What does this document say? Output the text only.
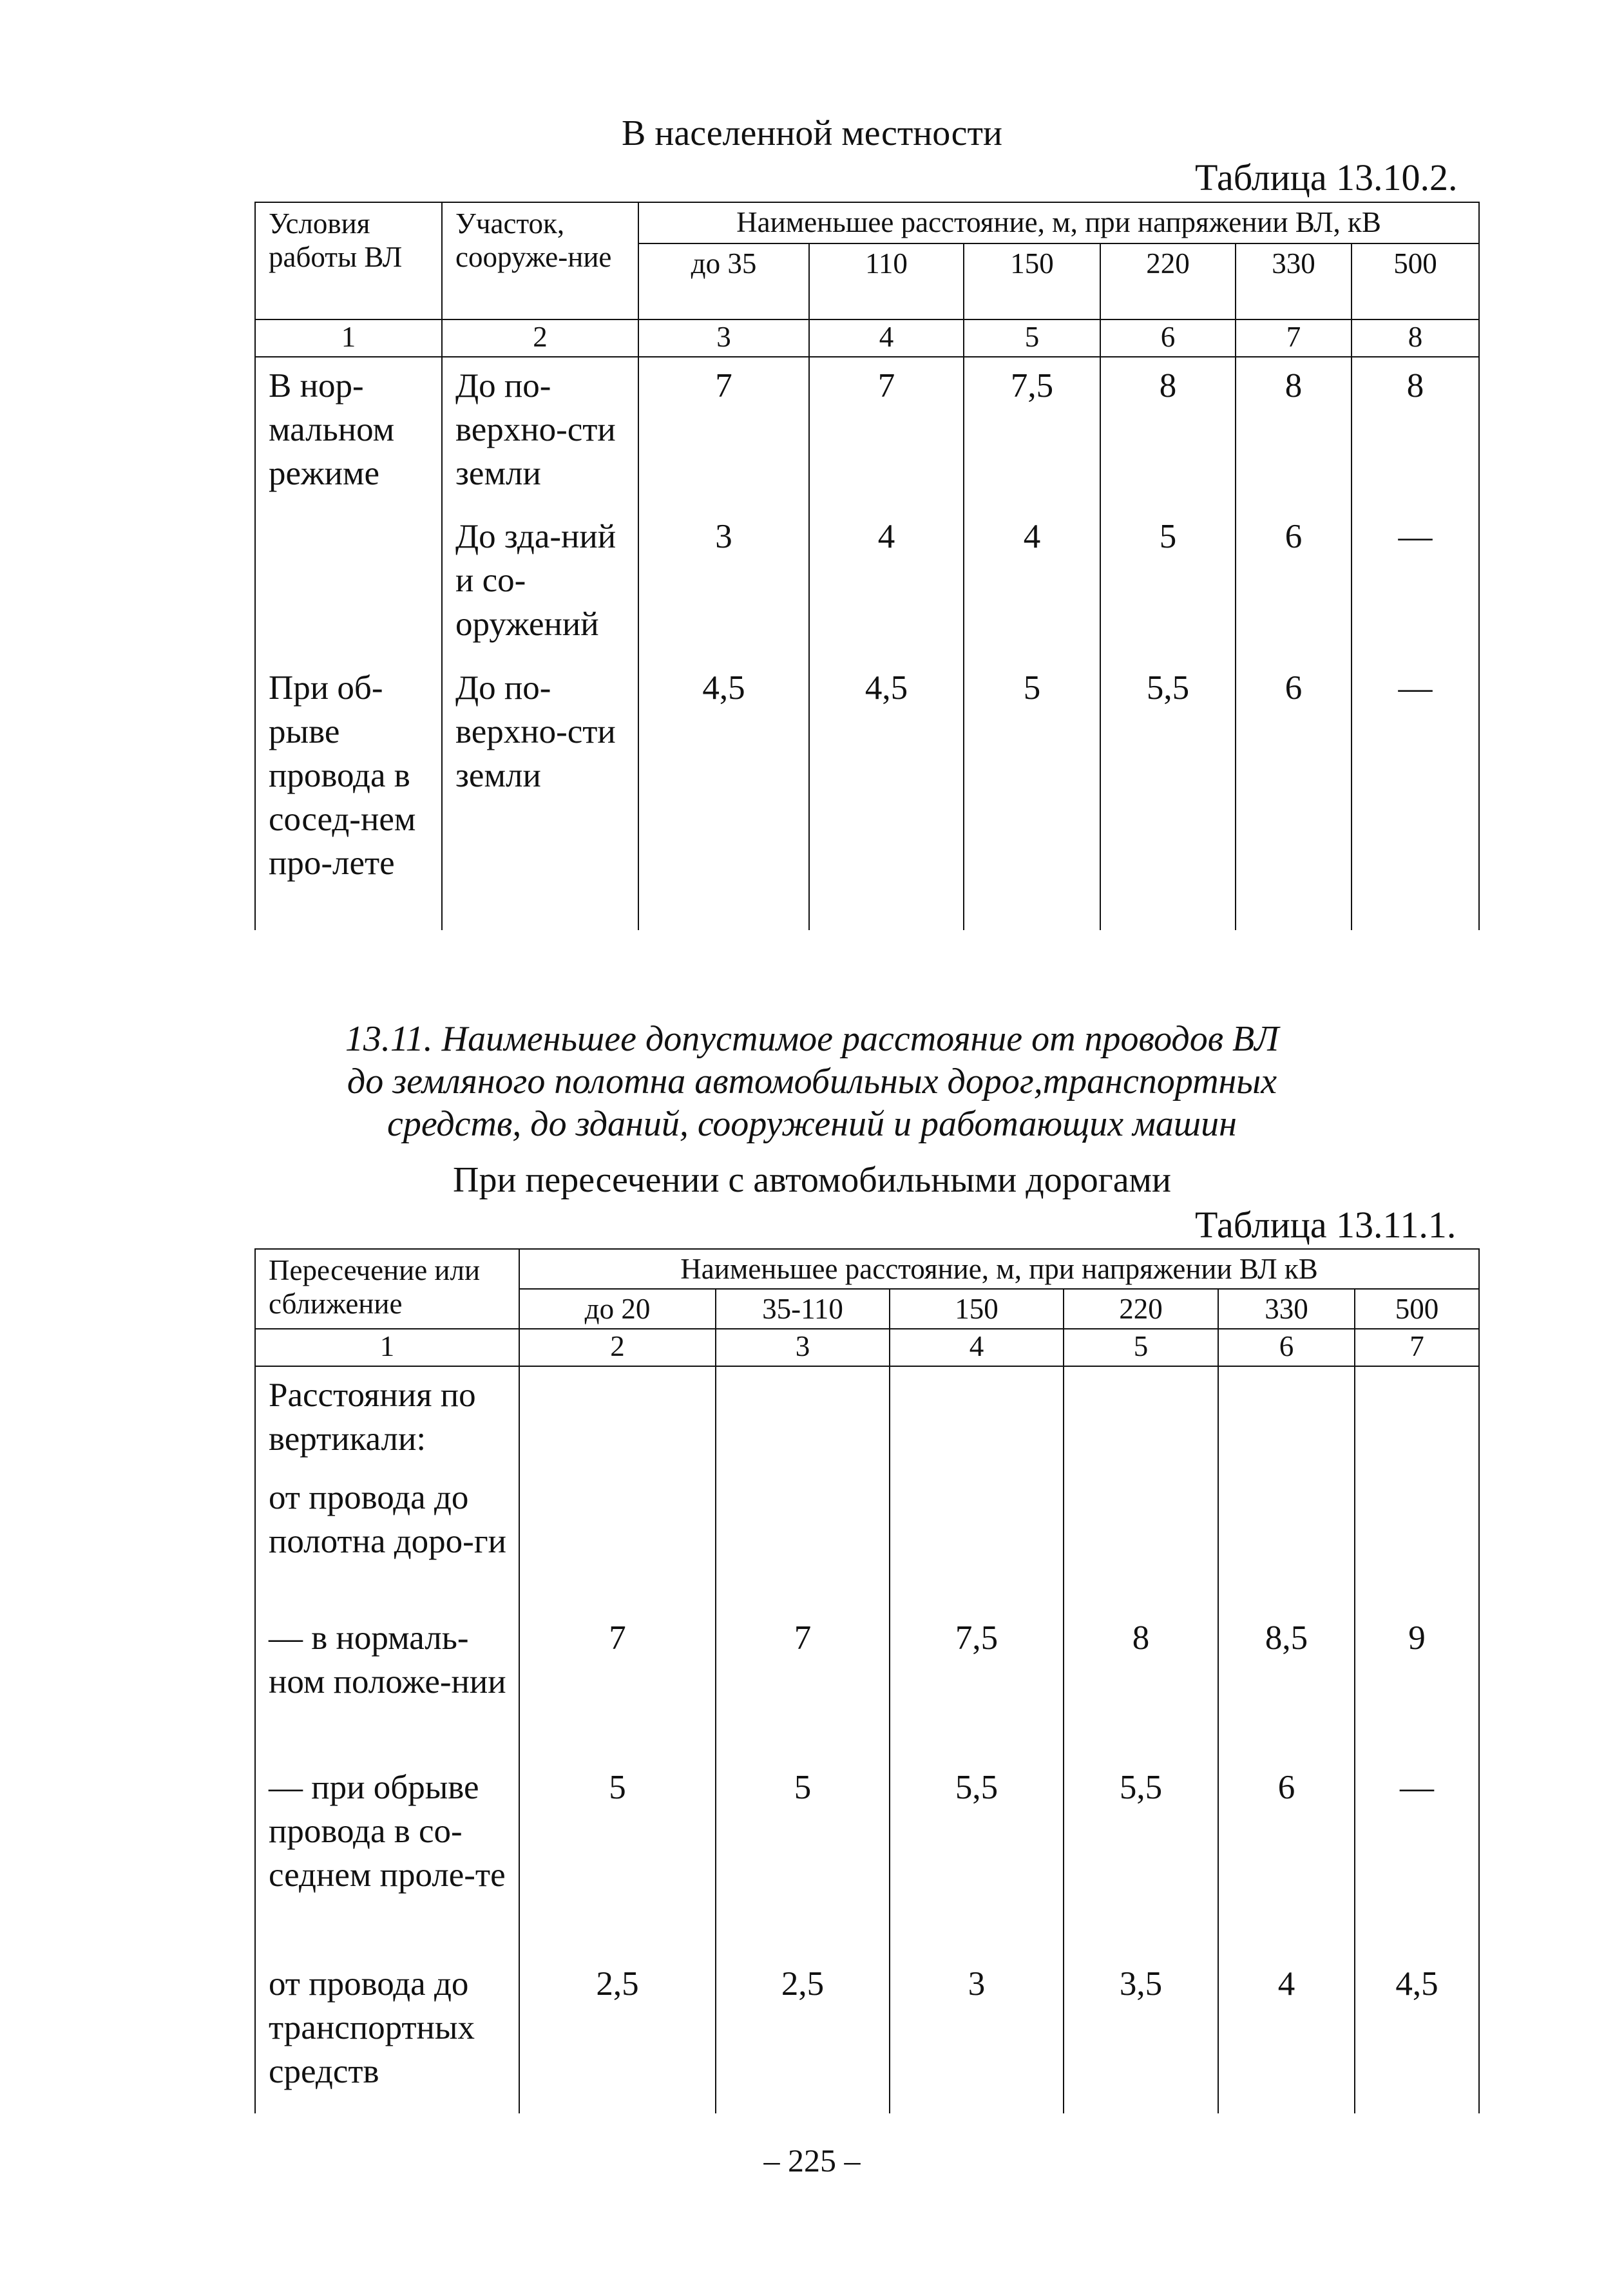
В населенной местности
Таблица 13.10.2.
Условия работы ВЛ	Участок, сооруже-ние	Наименьшее расстояние, м, при напряжении ВЛ, кВ					
		до 35	110	150	220	330	500
1	2	3	4	5	6	7	8
В нор-мальном режиме	До по-верхно-сти земли	7	7	7,5	8	8	8
	До зда-ний и со-оружений	3	4	4	5	6	—
При об-рыве провода в сосед-нем про-лете	До по-верхно-сти земли	4,5	4,5	5	5,5	6	—
13.11. Наименьшее допустимое расстояние от проводов ВЛ
до земляного полотна автомобильных дорог,транспортных
средств, до зданий, сооружений и работающих машин
При пересечении с автомобильными дорогами
Таблица 13.11.1.
Пересечение или сближение	Наименьшее расстояние, м, при напряжении ВЛ кВ					
	до 20	35-110	150	220	330	500
1	2	3	4	5	6	7
Расстояния по вертикали:						
от провода до полотна доро-ги						
— в нормаль-ном положе-нии	7	7	7,5	8	8,5	9
— при обрыве провода в со-седнем проле-те	5	5	5,5	5,5	6	—
от провода до транспортных средств	2,5	2,5	3	3,5	4	4,5
– 225 –
